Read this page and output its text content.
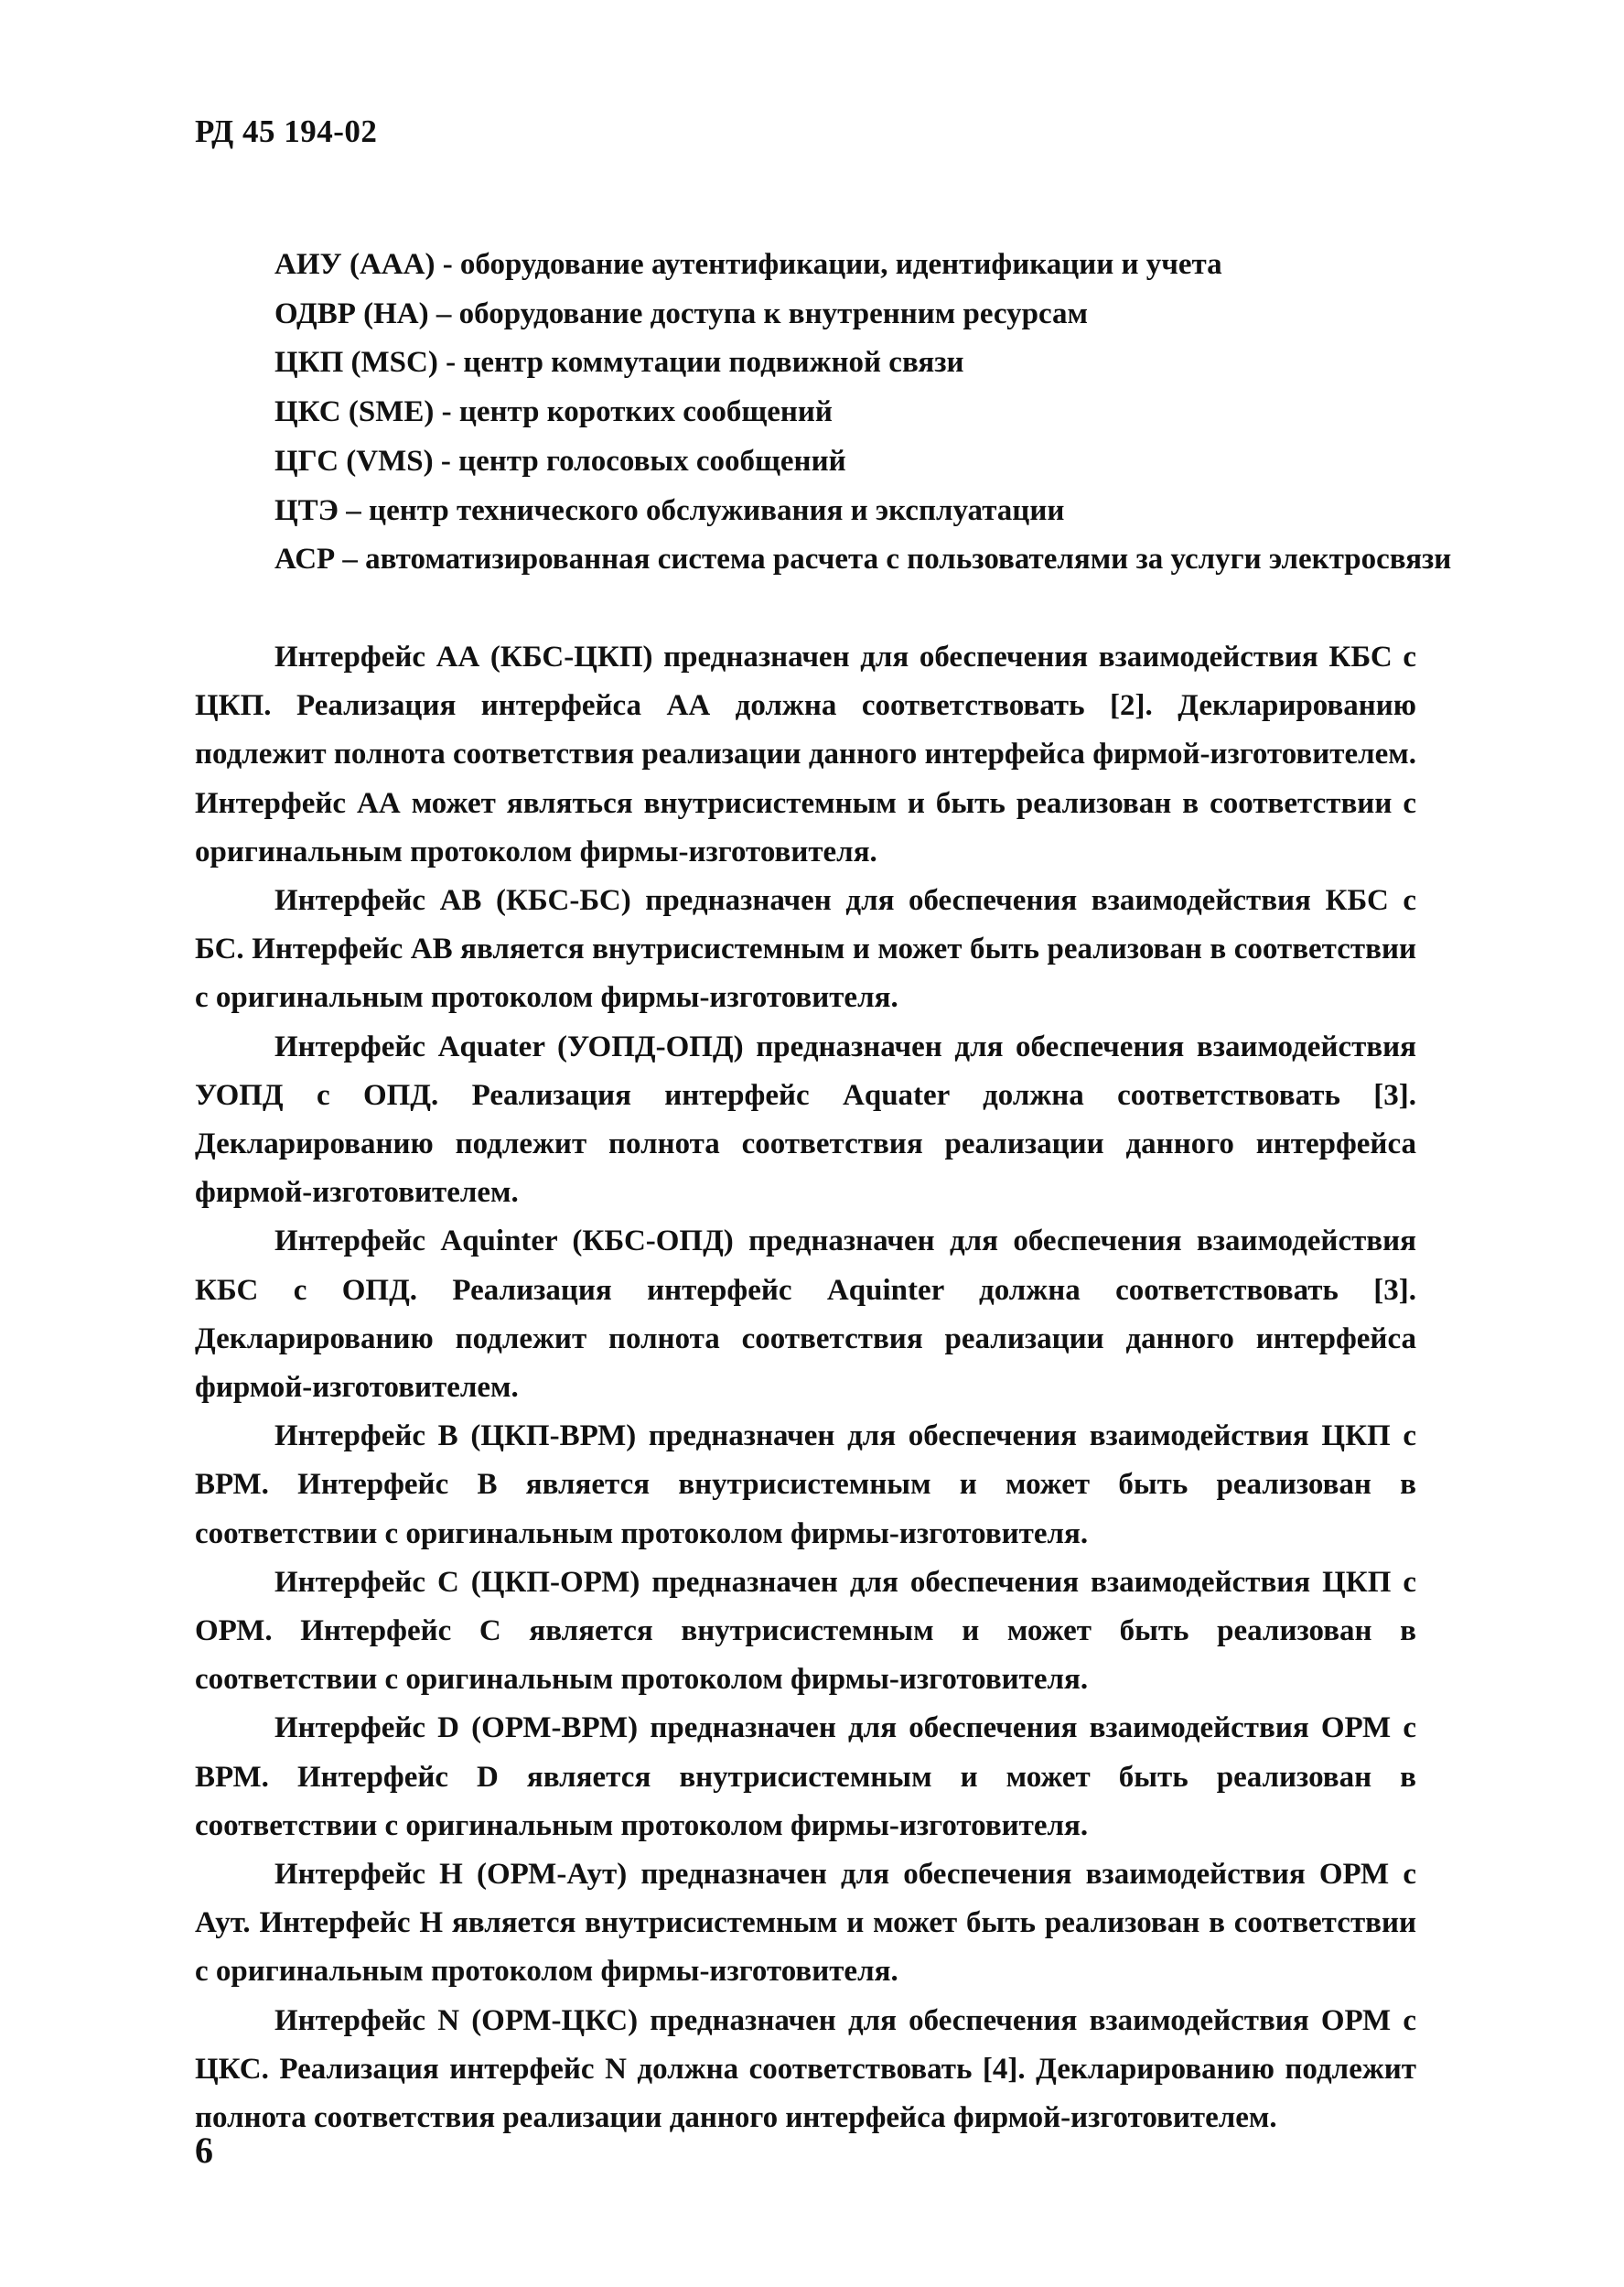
РД 45 194-02
АИУ (ААА) - оборудование аутентификации, идентификации и учета
ОДВР (НА) – оборудование доступа к внутренним ресурсам
ЦКП (MSC) - центр коммутации подвижной связи
ЦКС (SME) - центр коротких сообщений
ЦГС (VMS) - центр голосовых сообщений
ЦТЭ – центр технического обслуживания и эксплуатации
АСР – автоматизированная система расчета с пользователями за услуги электросвязи

Интерфейс АА (КБС-ЦКП) предназначен для обеспечения взаимодействия КБС с ЦКП. Реализация интерфейса АА должна соответствовать [2]. Декларированию подлежит полнота соответствия реализации данного интерфейса фирмой-изготовителем. Интерфейс АА может являться внутрисистемным и быть реализован в соответствии с оригинальным протоколом фирмы-изготовителя.

Интерфейс АВ (КБС-БС) предназначен для обеспечения взаимодействия КБС с БС. Интерфейс АВ является внутрисистемным и может быть реализован в соответствии с оригинальным протоколом фирмы-изготовителя.

Интерфейс Aquater (УОПД-ОПД) предназначен для обеспечения взаимодействия УОПД с ОПД. Реализация интерфейс Aquater должна соответствовать [3]. Декларированию подлежит полнота соответствия реализации данного интерфейса фирмой-изготовителем.

Интерфейс Aquinter (КБС-ОПД) предназначен для обеспечения взаимодействия КБС с ОПД. Реализация интерфейс Aquinter должна соответствовать [3]. Декларированию подлежит полнота соответствия реализации данного интерфейса фирмой-изготовителем.

Интерфейс В (ЦКП-ВРМ) предназначен для обеспечения взаимодействия ЦКП с ВРМ. Интерфейс В является внутрисистемным и может быть реализован в соответствии с оригинальным протоколом фирмы-изготовителя.

Интерфейс С (ЦКП-ОРМ) предназначен для обеспечения взаимодействия ЦКП с ОРМ. Интерфейс С является внутрисистемным и может быть реализован в соответствии с оригинальным протоколом фирмы-изготовителя.

Интерфейс D (ОРМ-ВРМ) предназначен для обеспечения взаимодействия ОРМ с ВРМ. Интерфейс D является внутрисистемным и может быть реализован в соответствии с оригинальным протоколом фирмы-изготовителя.

Интерфейс Н (ОРМ-Аут) предназначен для обеспечения взаимодействия ОРМ с Аут. Интерфейс Н является внутрисистемным и может быть реализован в соответствии с оригинальным протоколом фирмы-изготовителя.

Интерфейс N (ОРМ-ЦКС) предназначен для обеспечения взаимодействия ОРМ с ЦКС. Реализация интерфейс N должна соответствовать [4]. Декларированию подлежит полнота соответствия реализации данного интерфейса фирмой-изготовителем.

6
